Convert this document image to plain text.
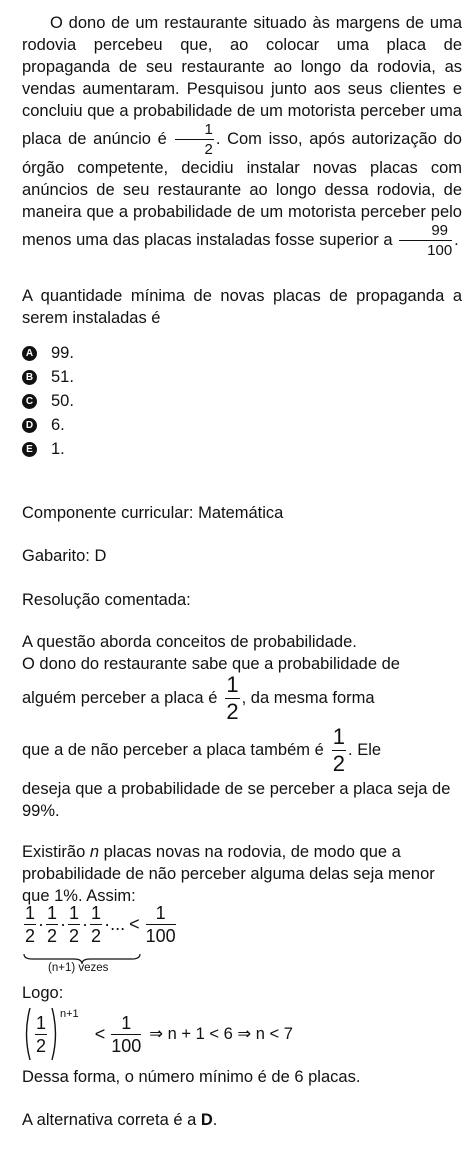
O dono de um restaurante situado às margens de uma rodovia percebeu que, ao colocar uma placa de propaganda de seu restaurante ao longo da rodovia, as vendas aumentaram. Pesquisou junto aos seus clientes e concluiu que a probabilidade de um motorista perceber uma placa de anúncio é $\frac{1}{2}$ . Com isso, após autorização do órgão competente, decidiu instalar novas placas com anúncios de seu restaurante ao longo dessa rodovia, de maneira que a probabilidade de um motorista perceber pelo menos uma das placas instaladas fosse superior a $\frac{99}{100}$ .
A quantidade mínima de novas placas de propaganda a serem instaladas é
A 99.
B 51.
C 50.
D 6.
E 1.
Componente curricular: Matemática
Gabarito: D
Resolução comentada:
A questão aborda conceitos de probabilidade.
O dono do restaurante sabe que a probabilidade de
alguém perceber a placa é $\frac{1}{2}$ , da mesma forma
que a de não perceber a placa também é $\frac{1}{2}$ . Ele
deseja que a probabilidade de se perceber a placa seja de 99%.
Existirão n placas novas na rodovia, de modo que a probabilidade de não perceber alguma delas seja menor que 1%. Assim:
$\frac{1}{2} \cdot \frac{1}{2} \cdot \frac{1}{2} \cdot \frac{1}{2}$ · ... < $\frac{1}{100}$
(n+1) vezes
Logo:
$\frac{1}{2} n+1$
< $\frac{1}{100}$ ⇒ n + 1 < 6 ⇒ n < 7
Dessa forma, o número mínimo é de 6 placas.
A alternativa correta é a D.
